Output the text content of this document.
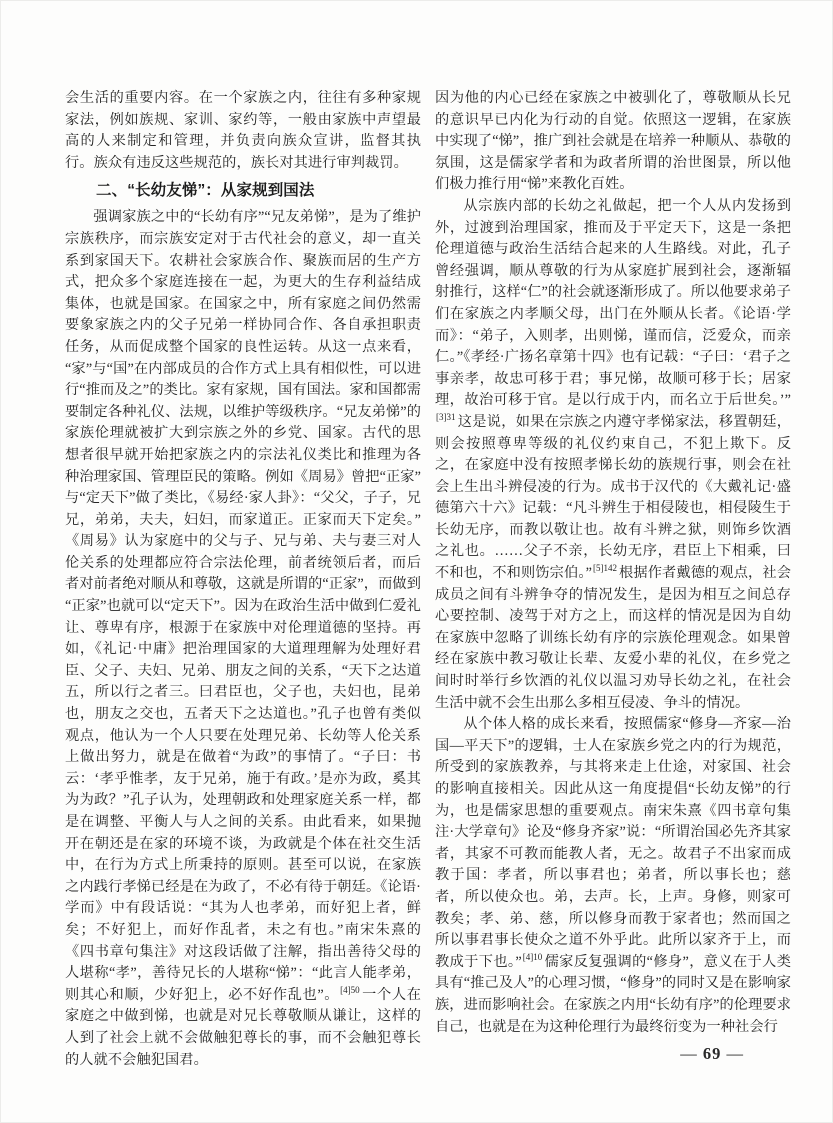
会生活的重要内容。在一个家族之内，往往有多种家规家法，例如族规、家训、家约等，一般由家族中声望最高的人来制定和管理，并负责向族众宣讲，监督其执行。族众有违反这些规范的，族长对其进行审判裁罚。

二、“长幼友悌”：从家规到国法

强调家族之中的“长幼有序”“兄友弟悌”，是为了维护宗族秩序，而宗族安定对于古代社会的意义，却一直关系到家国天下。农耕社会家族合作、聚族而居的生产方式，把众多个家庭连接在一起，为更大的生存利益结成集体，也就是国家。在国家之中，所有家庭之间仍然需要象家族之内的父子兄弟一样协同合作、各自承担职责任务，从而促成整个国家的良性运转。从这一点来看，“家”与“国”在内部成员的合作方式上具有相似性，可以进行“推而及之”的类比。家有家规，国有国法。家和国都需要制定各种礼仪、法规，以维护等级秩序。“兄友弟悌”的家族伦理就被扩大到宗族之外的乡党、国家。古代的思想者很早就开始把家族之内的宗法礼仪类比和推理为各种治理家国、管理臣民的策略。例如《周易》曾把“正家”与“定天下”做了类比，《易经·家人卦》：“父父，子子，兄兄，弟弟，夫夫，妇妇，而家道正。正家而天下定矣。”《周易》认为家庭中的父与子、兄与弟、夫与妻三对人伦关系的处理都应符合宗法伦理，前者统领后者，而后者对前者绝对顺从和尊敬，这就是所谓的“正家”，而做到“正家”也就可以“定天下”。因为在政治生活中做到仁爱礼让、尊卑有序，根源于在家族中对伦理道德的坚持。再如，《礼记·中庸》把治理国家的大道理理解为处理好君臣、父子、夫妇、兄弟、朋友之间的关系，“天下之达道五，所以行之者三。曰君臣也，父子也，夫妇也，昆弟也，朋友之交也，五者天下之达道也。”孔子也曾有类似观点，他认为一个人只要在处理兄弟、长幼等人伦关系上做出努力，就是在做着“为政”的事情了。“子曰：书云：‘孝乎惟孝，友于兄弟，施于有政。’是亦为政，奚其为为政？”孔子认为，处理朝政和处理家庭关系一样，都是在调整、平衡人与人之间的关系。由此看来，如果抛开在朝还是在家的环境不谈，为政就是个体在社交生活中，在行为方式上所秉持的原则。甚至可以说，在家族之内践行孝悌已经是在为政了，不必有待于朝廷。《论语·学而》中有段话说：“其为人也孝弟，而好犯上者，鲜矣；不好犯上，而好作乱者，未之有也。”南宋朱熹的《四书章句集注》对这段话做了注解，指出善待父母的人堪称“孝”，善待兄长的人堪称“悌”：“此言人能孝弟，则其心和顺，少好犯上，必不好作乱也”。$^{[4]50}$ 一个人在家庭之中做到悌，也就是对兄长尊敬顺从谦让，这样的人到了社会上就不会做触犯尊长的事，而不会触犯尊长的人就不会触犯国君。

因为他的内心已经在家族之中被驯化了，尊敬顺从长兄的意识早已内化为行动的自觉。依照这一逻辑，在家族中实现了“悌”，推广到社会就是在培养一种顺从、恭敬的氛围，这是儒家学者和为政者所谓的治世图景，所以他们极力推行用“悌”来教化百姓。

从宗族内部的长幼之礼做起，把一个人从内发扬到外，过渡到治理国家，推而及于平定天下，这是一条把伦理道德与政治生活结合起来的人生路线。对此，孔子曾经强调，顺从尊敬的行为从家庭扩展到社会，逐渐辐射推行，这样“仁”的社会就逐渐形成了。所以他要求弟子们在家族之内孝顺父母，出门在外顺从长者。《论语·学而》：“弟子，入则孝，出则悌，谨而信，泛爱众，而亲仁。”《孝经·广扬名章第十四》也有记载：“子曰：‘君子之事亲孝，故忠可移于君；事兄悌，故顺可移于长；居家理，故治可移于官。是以行成于内，而名立于后世矣。’”$^{[3]31}$ 这是说，如果在宗族之内遵守孝悌家法，移置朝廷，则会按照尊卑等级的礼仪约束自己，不犯上欺下。反之，在家庭中没有按照孝悌长幼的族规行事，则会在社会上生出斗辨侵凌的行为。成书于汉代的《大戴礼记·盛德第六十六》记载：“凡斗辨生于相侵陵也，相侵陵生于长幼无序，而教以敬让也。故有斗辨之狱，则饰乡饮酒之礼也。……父子不亲，长幼无序，君臣上下相乘，曰不和也，不和则饬宗伯。”$^{[5]142}$ 根据作者戴德的观点，社会成员之间有斗辨争夺的情况发生，是因为相互之间总存心要控制、凌驾于对方之上，而这样的情况是因为自幼在家族中忽略了训练长幼有序的宗族伦理观念。如果曾经在家族中教习敬让长辈、友爱小辈的礼仪，在乡党之间时时举行乡饮酒的礼仪以温习劝导长幼之礼，在社会生活中就不会生出那么多相互侵凌、争斗的情况。

从个体人格的成长来看，按照儒家“修身—齐家—治国—平天下”的逻辑，士人在家族乡党之内的行为规范，所受到的家族教养，与其将来走上仕途，对家国、社会的影响直接相关。因此从这一角度提倡“长幼友悌”的行为，也是儒家思想的重要观点。南宋朱熹《四书章句集注·大学章句》论及“修身齐家”说：“所谓治国必先齐其家者，其家不可教而能教人者，无之。故君子不出家而成教于国：孝者，所以事君也；弟者，所以事长也；慈者，所以使众也。弟，去声。长，上声。身修，则家可教矣；孝、弟、慈，所以修身而教于家者也；然而国之所以事君事长使众之道不外乎此。此所以家齐于上，而教成于下也。”$^{[4]10}$ 儒家反复强调的“修身”，意义在于人类具有“推己及人”的心理习惯，“修身”的同时又是在影响家族，进而影响社会。在家族之内用“长幼有序”的伦理要求自己，也就是在为这种伦理行为最终衍变为一种社会行

— 69 —
